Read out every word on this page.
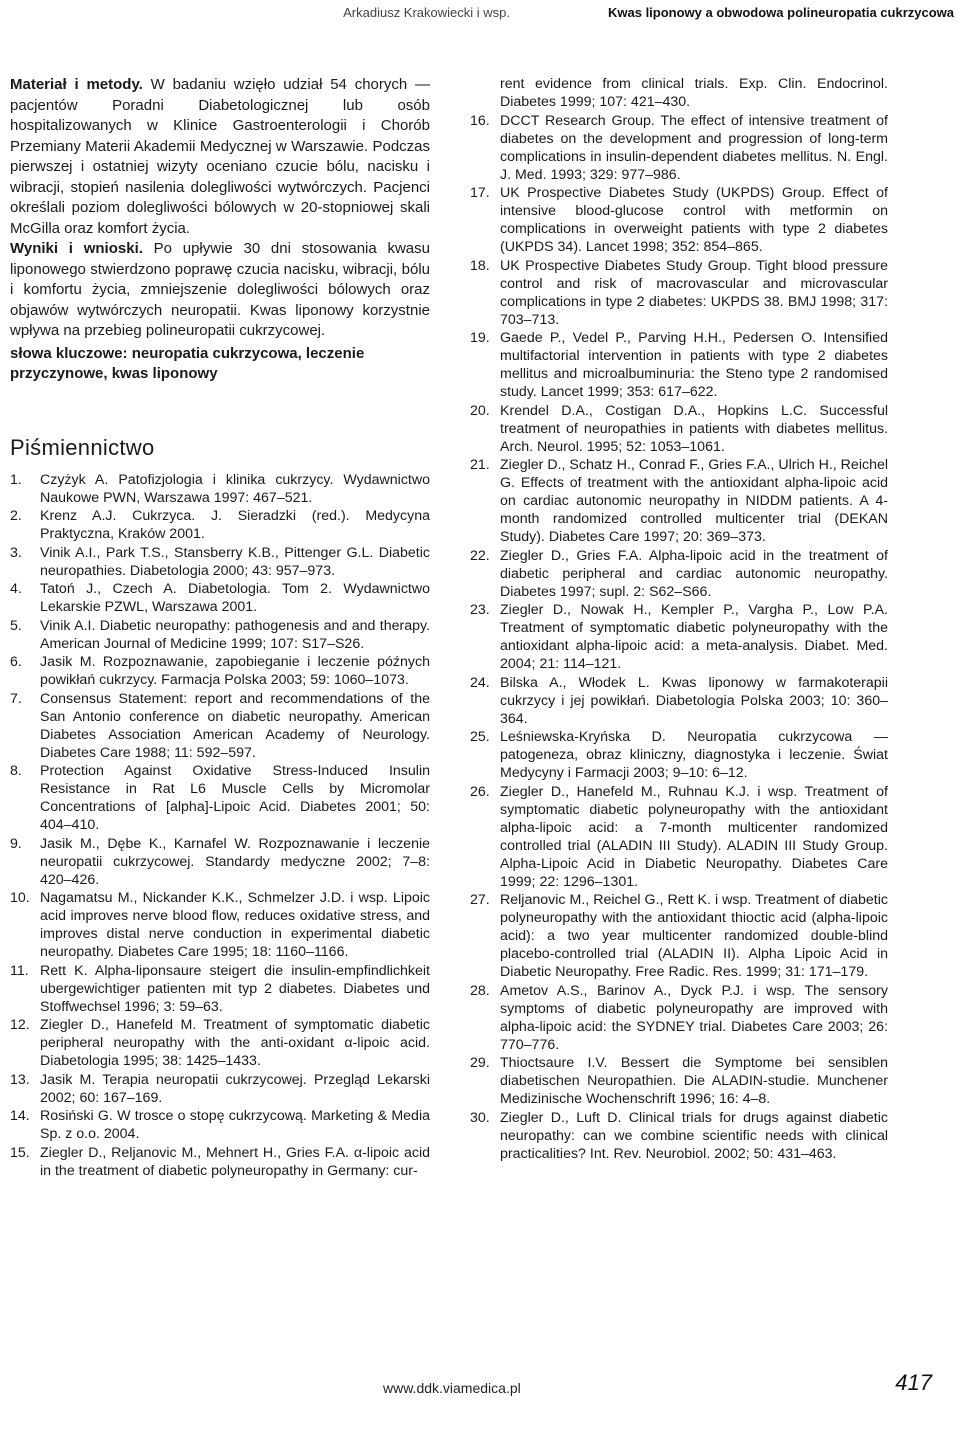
Arkadiusz Krakowiecki i wsp.	Kwas liponowy a obwodowa polineuropatia cukrzycowa

Materiał i metody. W badaniu wzięło udział 54 chorych — pacjentów Poradni Diabetologicznej lub osób hospitalizowanych w Klinice Gastroenterologii i Chorób Przemiany Materii Akademii Medycznej w Warszawie. Podczas pierwszej i ostatniej wizyty oceniano czucie bólu, nacisku i wibracji, stopień nasilenia dolegliwości wytwórczych. Pacjenci określali poziom dolegliwości bólowych w 20-stopniowej skali McGilla oraz komfort życia.
Wyniki i wnioski. Po upływie 30 dni stosowania kwasu liponowego stwierdzono poprawę czucia nacisku, wibracji, bólu i komfortu życia, zmniejszenie dolegliwości bólowych oraz objawów wytwórczych neuropatii. Kwas liponowy korzystnie wpływa na przebieg polineuropatii cukrzycowej.

słowa kluczowe: neuropatia cukrzycowa, leczenie przyczynowe, kwas liponowy

Piśmiennictwo
1. Czyżyk A. Patofizjologia i klinika cukrzycy. Wydawnictwo Naukowe PWN, Warszawa 1997: 467–521.
2. Krenz A.J. Cukrzyca. J. Sieradzki (red.). Medycyna Praktyczna, Kraków 2001.
3. Vinik A.I., Park T.S., Stansberry K.B., Pittenger G.L. Diabetic neuropathies. Diabetologia 2000; 43: 957–973.
4. Tatoń J., Czech A. Diabetologia. Tom 2. Wydawnictwo Lekarskie PZWL, Warszawa 2001.
5. Vinik A.I. Diabetic neuropathy: pathogenesis and and therapy. American Journal of Medicine 1999; 107: S17–S26.
6. Jasik M. Rozpoznawanie, zapobieganie i leczenie późnych powikłań cukrzycy. Farmacja Polska 2003; 59: 1060–1073.
7. Consensus Statement: report and recommendations of the San Antonio conference on diabetic neuropathy. American Diabetes Association American Academy of Neurology. Diabetes Care 1988; 11: 592–597.
8. Protection Against Oxidative Stress-Induced Insulin Resistance in Rat L6 Muscle Cells by Micromolar Concentrations of [alpha]-Lipoic Acid. Diabetes 2001; 50: 404–410.
9. Jasik M., Dębe K., Karnafel W. Rozpoznawanie i leczenie neuropatii cukrzycowej. Standardy medyczne 2002; 7–8: 420–426.
10. Nagamatsu M., Nickander K.K., Schmelzer J.D. i wsp. Lipoic acid improves nerve blood flow, reduces oxidative stress, and improves distal nerve conduction in experimental diabetic neuropathy. Diabetes Care 1995; 18: 1160–1166.
11. Rett K. Alpha-liponsaure steigert die insulin-empfindlichkeit ubergewichtiger patienten mit typ 2 diabetes. Diabetes und Stoffwechsel 1996; 3: 59–63.
12. Ziegler D., Hanefeld M. Treatment of symptomatic diabetic peripheral neuropathy with the anti-oxidant α-lipoic acid. Diabetologia 1995; 38: 1425–1433.
13. Jasik M. Terapia neuropatii cukrzycowej. Przegląd Lekarski 2002; 60: 167–169.
14. Rosiński G. W trosce o stopę cukrzycową. Marketing & Media Sp. z o.o. 2004.
15. Ziegler D., Reljanovic M., Mehnert H., Gries F.A. α-lipoic acid in the treatment of diabetic polyneuropathy in Germany: cur-
rent evidence from clinical trials. Exp. Clin. Endocrinol. Diabetes 1999; 107: 421–430.
16. DCCT Research Group. The effect of intensive treatment of diabetes on the development and progression of long-term complications in insulin-dependent diabetes mellitus. N. Engl. J. Med. 1993; 329: 977–986.
17. UK Prospective Diabetes Study (UKPDS) Group. Effect of intensive blood-glucose control with metformin on complications in overweight patients with type 2 diabetes (UKPDS 34). Lancet 1998; 352: 854–865.
18. UK Prospective Diabetes Study Group. Tight blood pressure control and risk of macrovascular and microvascular complications in type 2 diabetes: UKPDS 38. BMJ 1998; 317: 703–713.
19. Gaede P., Vedel P., Parving H.H., Pedersen O. Intensified multifactorial intervention in patients with type 2 diabetes mellitus and microalbuminuria: the Steno type 2 randomised study. Lancet 1999; 353: 617–622.
20. Krendel D.A., Costigan D.A., Hopkins L.C. Successful treatment of neuropathies in patients with diabetes mellitus. Arch. Neurol. 1995; 52: 1053–1061.
21. Ziegler D., Schatz H., Conrad F., Gries F.A., Ulrich H., Reichel G. Effects of treatment with the antioxidant alpha-lipoic acid on cardiac autonomic neuropathy in NIDDM patients. A 4-month randomized controlled multicenter trial (DEKAN Study). Diabetes Care 1997; 20: 369–373.
22. Ziegler D., Gries F.A. Alpha-lipoic acid in the treatment of diabetic peripheral and cardiac autonomic neuropathy. Diabetes 1997; supl. 2: S62–S66.
23. Ziegler D., Nowak H., Kempler P., Vargha P., Low P.A. Treatment of symptomatic diabetic polyneuropathy with the antioxidant alpha-lipoic acid: a meta-analysis. Diabet. Med. 2004; 21: 114–121.
24. Bilska A., Włodek L. Kwas liponowy w farmakoterapii cukrzycy i jej powikłań. Diabetologia Polska 2003; 10: 360–364.
25. Leśniewska-Kryńska D. Neuropatia cukrzycowa — patogeneza, obraz kliniczny, diagnostyka i leczenie. Świat Medycyny i Farmacji 2003; 9–10: 6–12.
26. Ziegler D., Hanefeld M., Ruhnau K.J. i wsp. Treatment of symptomatic diabetic polyneuropathy with the antioxidant alpha-lipoic acid: a 7-month multicenter randomized controlled trial (ALADIN III Study). ALADIN III Study Group. Alpha-Lipoic Acid in Diabetic Neuropathy. Diabetes Care 1999; 22: 1296–1301.
27. Reljanovic M., Reichel G., Rett K. i wsp. Treatment of diabetic polyneuropathy with the antioxidant thioctic acid (alpha-lipoic acid): a two year multicenter randomized double-blind placebo-controlled trial (ALADIN II). Alpha Lipoic Acid in Diabetic Neuropathy. Free Radic. Res. 1999; 31: 171–179.
28. Ametov A.S., Barinov A., Dyck P.J. i wsp. The sensory symptoms of diabetic polyneuropathy are improved with alpha-lipoic acid: the SYDNEY trial. Diabetes Care 2003; 26: 770–776.
29. Thioctsaure I.V. Bessert die Symptome bei sensiblen diabetischen Neuropathien. Die ALADIN-studie. Munchener Medizinische Wochenschrift 1996; 16: 4–8.
30. Ziegler D., Luft D. Clinical trials for drugs against diabetic neuropathy: can we combine scientific needs with clinical practicalities? Int. Rev. Neurobiol. 2002; 50: 431–463.
www.ddk.viamedica.pl	417
